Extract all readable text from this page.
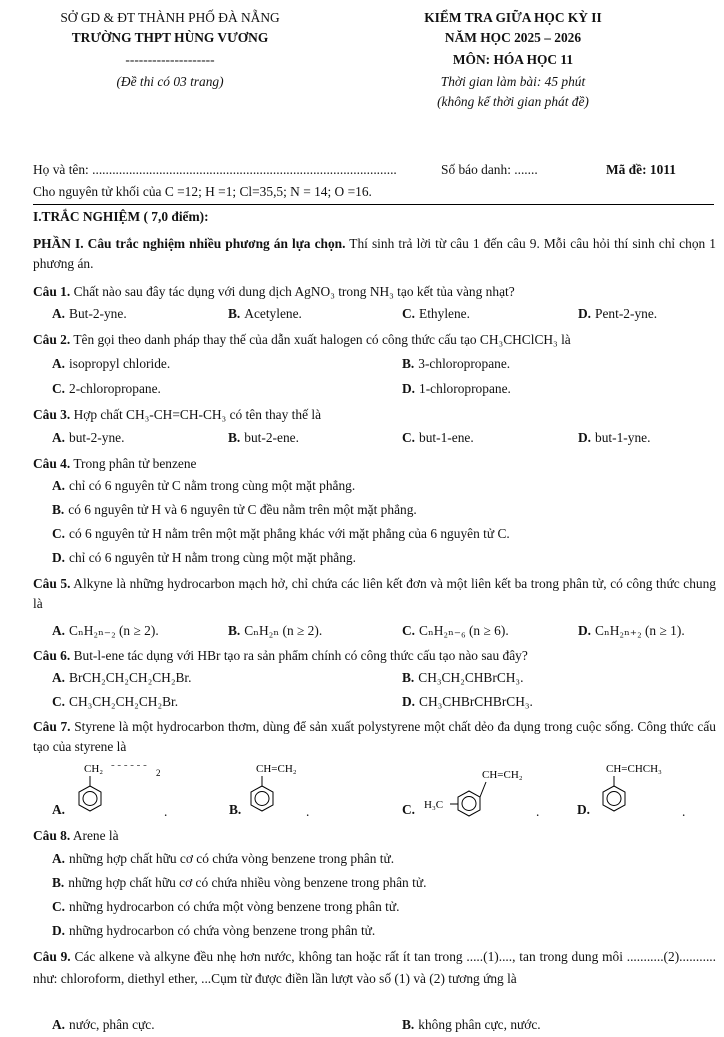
SỞ GD & ĐT THÀNH PHỐ ĐÀ NẴNG
TRƯỜNG THPT HÙNG VƯƠNG
--------------------
(Đề thi có 03 trang)
KIỂM TRA GIỮA HỌC KỲ II
NĂM HỌC 2025 – 2026
MÔN: HÓA HỌC 11
Thời gian làm bài: 45 phút
(không kể thời gian phát đề)
Họ và tên: ...........................................................................................	Số báo danh: .......	Mã đề: 1011
Cho nguyên tử khối của C =12; H =1; Cl=35,5; N = 14; O =16.
I.TRẮC NGHIỆM ( 7,0 điểm):
PHẦN I. Câu trắc nghiệm nhiều phương án lựa chọn. Thí sinh trả lời từ câu 1 đến câu 9. Mỗi câu hỏi thí sinh chỉ chọn 1 phương án.
Câu 1. Chất nào sau đây tác dụng với dung dịch AgNO₃ trong NH₃ tạo kết tủa vàng nhạt?
A. But-2-yne.	B. Acetylene.	C. Ethylene.	D. Pent-2-yne.
Câu 2. Tên gọi theo danh pháp thay thế của dẫn xuất halogen có công thức cấu tạo CH₃CHClCH₃ là
A. isopropyl chloride.	B. 3-chloropropane.
C. 2-chloropropane.	D. 1-chloropropane.
Câu 3. Hợp chất CH₃-CH=CH-CH₃ có tên thay thế là
A. but-2-yne.	B. but-2-ene.	C. but-1-ene.	D. but-1-yne.
Câu 4. Trong phân tử benzene
A. chỉ có 6 nguyên tử C nằm trong cùng một mặt phẳng.
B. có 6 nguyên tử H và 6 nguyên tử C đều nằm trên một mặt phẳng.
C. có 6 nguyên tử H nằm trên một mặt phẳng khác với mặt phẳng của 6 nguyên tử C.
D. chỉ có 6 nguyên tử H nằm trong cùng một mặt phẳng.
Câu 5. Alkyne là những hydrocarbon mạch hở, chỉ chứa các liên kết đơn và một liên kết ba trong phân tử, có công thức chung là
A. CₙH₂ₙ₋₂ (n ≥ 2).	B. CₙH₂ₙ (n ≥ 2).	C. CₙH₂ₙ₋₆ (n ≥ 6).	D. CₙH₂ₙ₊₂ (n ≥ 1).
Câu 6. But-l-ene tác dụng với HBr tạo ra sản phẩm chính có công thức cấu tạo nào sau đây?
A. BrCH₂CH₂CH₂CH₂Br.	B. CH₃CH₂CHBrCH₃.
C. CH₃CH₂CH₂CH₂Br.	D. CH₃CHBrCHBrCH₃.
Câu 7. Styrene là một hydrocarbon thơm, dùng để sản xuất polystyrene một chất dẻo đa dụng trong cuộc sống. Công thức cấu tạo của styrene là
A.
CH₂ - - - - - -
2
.	B.
CH=CH₂
.	C.
CH=CH₂
H₃C	.	D.
CH=CHCH₃
.
Câu 8. Arene là
A. những hợp chất hữu cơ có chứa vòng benzene trong phân tử.
B. những hợp chất hữu cơ có chứa nhiều vòng benzene trong phân tử.
C. những hydrocarbon có chứa một vòng benzene trong phân tử.
D. những hydrocarbon có chứa vòng benzene trong phân tử.
Câu 9. Các alkene và alkyne đều nhẹ hơn nước, không tan hoặc rất ít tan trong .....(1)...., tan trong dung môi ...........(2)........... như: chloroform, diethyl ether, ...Cụm từ được điền lần lượt vào số (1) và (2) tương ứng là
A. nước, phân cực.	B. không phân cực, nước.
